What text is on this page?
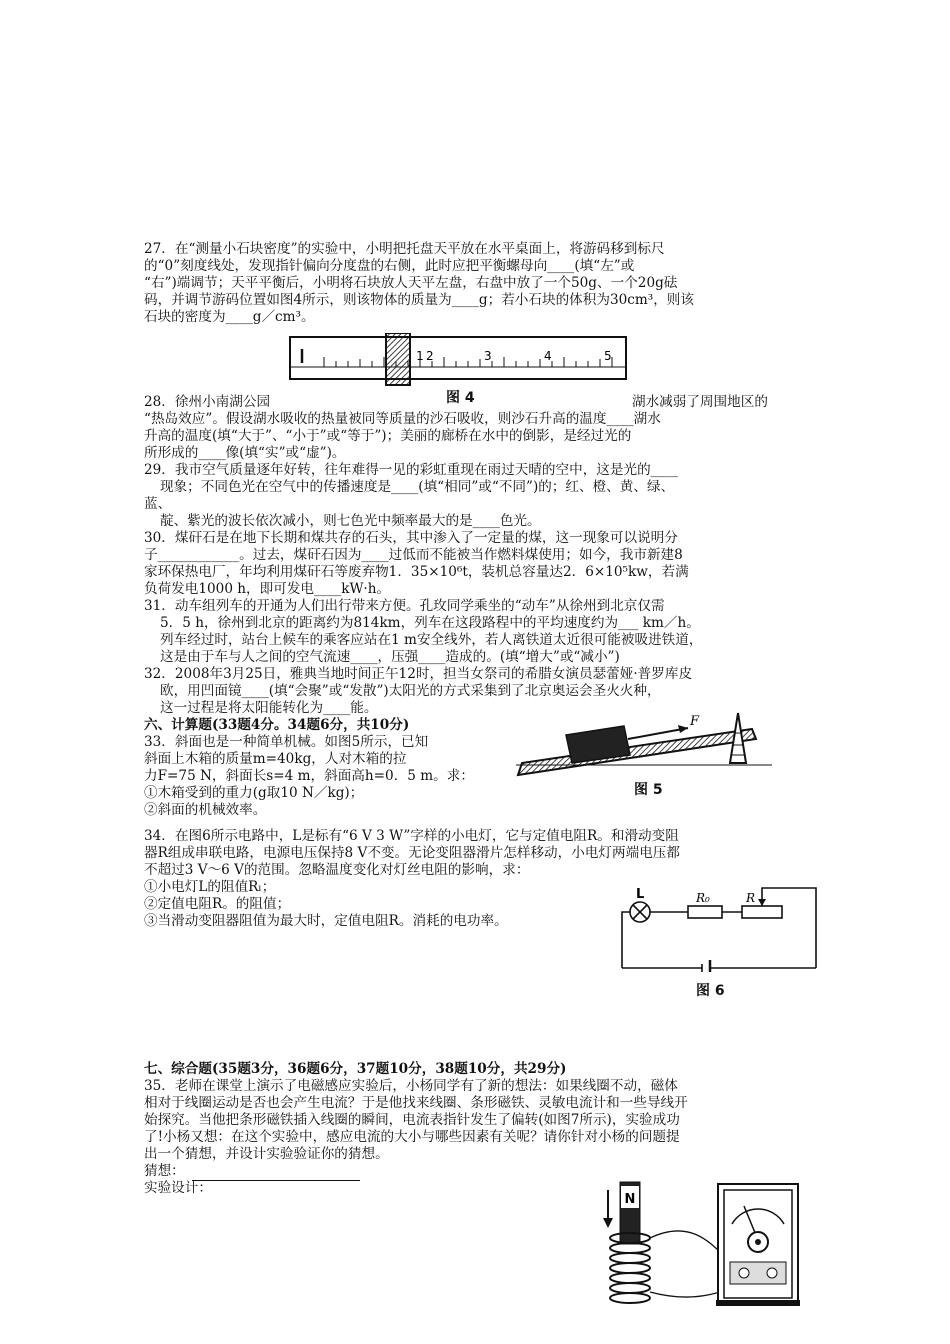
27．在“测量小石块密度”的实验中，小明把托盘天平放在水平桌面上，将游码移到标尺
的“0”刻度线处，发现指针偏向分度盘的右侧，此时应把平衡螺母向____(填“左”或
“右”)端调节；天平平衡后，小明将石块放人天平左盘，右盘中放了一个50g、一个20g砝
码，并调节游码位置如图4所示，则该物体的质量为____g；若小石块的体积为30cm³，则该
石块的密度为____g／cm³。
1 2	3	4	5
28．徐州小南湖公园	图 4	湖水减弱了周围地区的
“热岛效应”。假设湖水吸收的热量被同等质量的沙石吸收，则沙石升高的温度____湖水
升高的温度(填“大于”、“小于”或“等于”)；美丽的廊桥在水中的倒影，是经过光的
所形成的____像(填“实”或“虚”)。
29．我市空气质量逐年好转，往年难得一见的彩虹重现在雨过天晴的空中，这是光的____
现象；不同色光在空气中的传播速度是____(填“相同”或“不同”)的；红、橙、黄、绿、
蓝、
靛、紫光的波长依次减小，则七色光中频率最大的是____色光。
30．煤矸石是在地下长期和煤共存的石头，其中渗入了一定量的煤，这一现象可以说明分
子____________。过去，煤矸石因为____过低而不能被当作燃料煤使用；如今，我市新建8
家环保热电厂，年均利用煤矸石等废弃物1．35×10⁶t，装机总容量达2．6×10⁵kw，若满
负荷发电1000 h，即可发电____kW·h。
31．动车组列车的开通为人们出行带来方便。孔玫同学乘坐的“动车”从徐州到北京仅需
5．5 h，徐州到北京的距离约为814km，列车在这段路程中的平均速度约为___ km／h。
列车经过时，站台上候车的乘客应站在1 m安全线外，若人离铁道太近很可能被吸进铁道，
这是由于车与人之间的空气流速____，压强____造成的。(填“增大”或“减小”)
32．2008年3月25日，雅典当地时间正午12时，担当女祭司的希腊女演员瑟蕾娅·普罗库皮
欧，用凹面镜____(填“会聚”或“发散”)太阳光的方式采集到了北京奥运会圣火火种，
这一过程是将太阳能转化为____能。
六、计算题(33题4分。34题6分，共10分)
33．斜面也是一种简单机械。如图5所示，已知
斜面上木箱的质量m=40kg，人对木箱的拉
力F=75 N，斜面长s=4 m，斜面高h=0．5 m。求：
①木箱受到的重力(g取10 N／kg)；
②斜面的机械效率。
F
图 5
34．在图6所示电路中，L是标有“6 V 3 W”字样的小电灯，它与定值电阻R。和滑动变阻
器R组成串联电路，电源电压保持8 V不变。无论变阻器滑片怎样移动，小电灯两端电压都
不超过3 V～6 V的范围。忽略温度变化对灯丝电阻的影响，求：
①小电灯L的阻值Rₗ；
②定值电阻R。的阻值；
③当滑动变阻器阻值为最大时，定值电阻R。消耗的电功率。
L	R₀	R
图 6
七、综合题(35题3分，36题6分，37题10分，38题10分，共29分)
35．老师在课堂上演示了电磁感应实验后，小杨同学有了新的想法：如果线圈不动，磁体
相对于线圈运动是否也会产生电流？于是他找来线圈、条形磁铁、灵敏电流计和一些导线开
始探究。当他把条形磁铁插入线圈的瞬间，电流表指针发生了偏转(如图7所示)，实验成功
了!小杨又想：在这个实验中，感应电流的大小与哪些因素有关呢？请你针对小杨的问题提
出一个猜想，并设计实验验证你的猜想。
猜想：
实验设计：
N
